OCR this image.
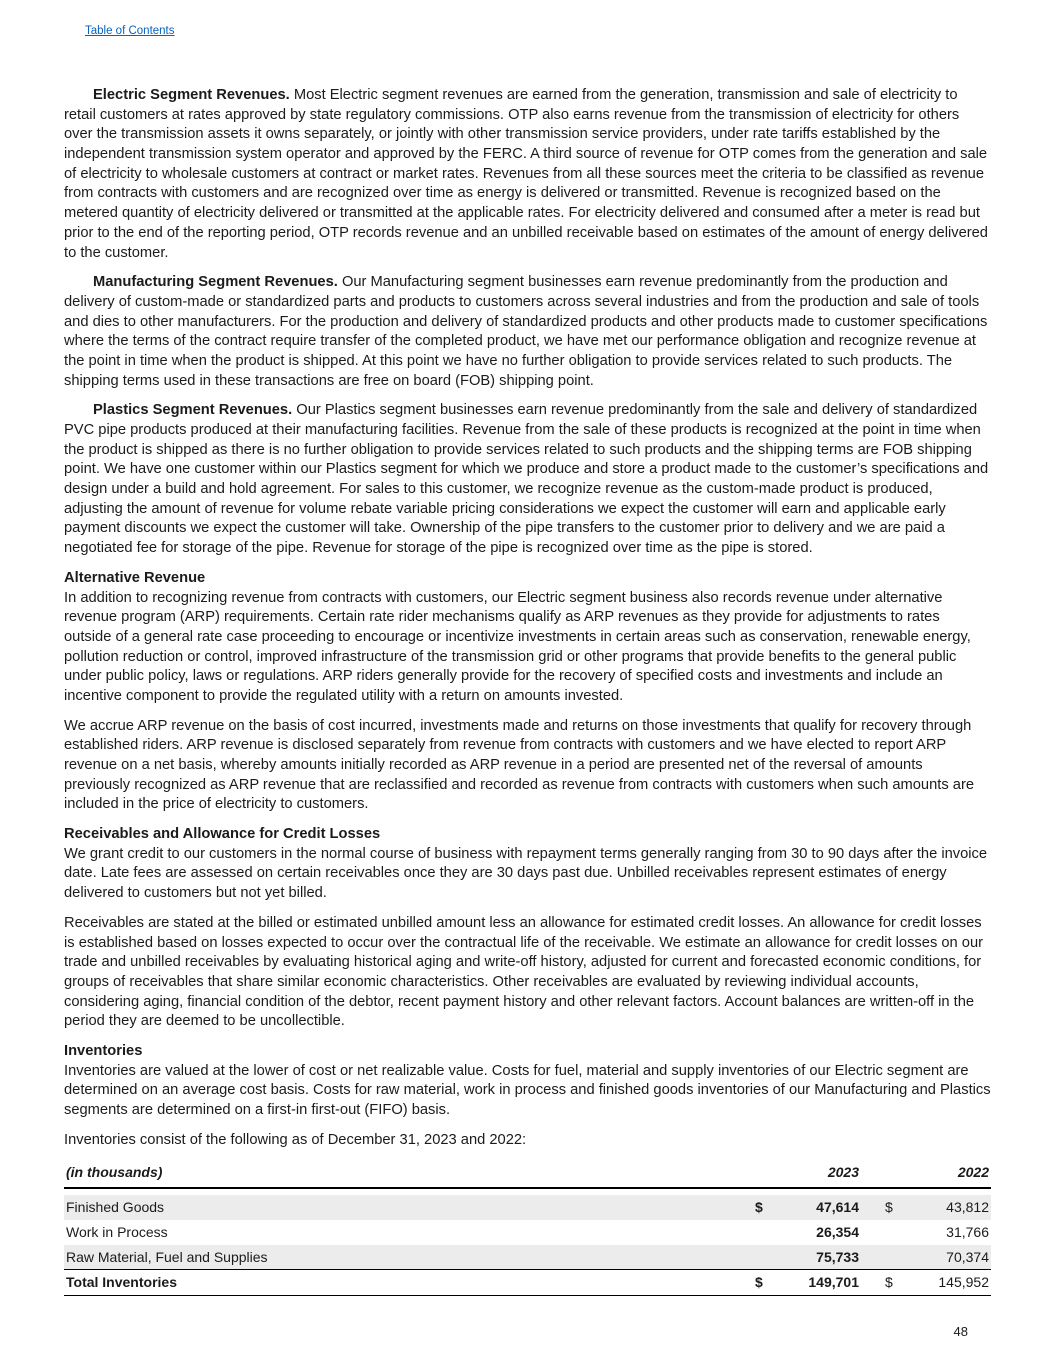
Table of Contents

Electric Segment Revenues. Most Electric segment revenues are earned from the generation, transmission and sale of electricity to retail customers at rates approved by state regulatory commissions. OTP also earns revenue from the transmission of electricity for others over the transmission assets it owns separately, or jointly with other transmission service providers, under rate tariffs established by the independent transmission system operator and approved by the FERC. A third source of revenue for OTP comes from the generation and sale of electricity to wholesale customers at contract or market rates. Revenues from all these sources meet the criteria to be classified as revenue from contracts with customers and are recognized over time as energy is delivered or transmitted. Revenue is recognized based on the metered quantity of electricity delivered or transmitted at the applicable rates. For electricity delivered and consumed after a meter is read but prior to the end of the reporting period, OTP records revenue and an unbilled receivable based on estimates of the amount of energy delivered to the customer.

Manufacturing Segment Revenues. Our Manufacturing segment businesses earn revenue predominantly from the production and delivery of custom-made or standardized parts and products to customers across several industries and from the production and sale of tools and dies to other manufacturers. For the production and delivery of standardized products and other products made to customer specifications where the terms of the contract require transfer of the completed product, we have met our performance obligation and recognize revenue at the point in time when the product is shipped. At this point we have no further obligation to provide services related to such products. The shipping terms used in these transactions are free on board (FOB) shipping point.

Plastics Segment Revenues. Our Plastics segment businesses earn revenue predominantly from the sale and delivery of standardized PVC pipe products produced at their manufacturing facilities. Revenue from the sale of these products is recognized at the point in time when the product is shipped as there is no further obligation to provide services related to such products and the shipping terms are FOB shipping point. We have one customer within our Plastics segment for which we produce and store a product made to the customer’s specifications and design under a build and hold agreement. For sales to this customer, we recognize revenue as the custom-made product is produced, adjusting the amount of revenue for volume rebate variable pricing considerations we expect the customer will earn and applicable early payment discounts we expect the customer will take. Ownership of the pipe transfers to the customer prior to delivery and we are paid a negotiated fee for storage of the pipe. Revenue for storage of the pipe is recognized over time as the pipe is stored.

Alternative Revenue

In addition to recognizing revenue from contracts with customers, our Electric segment business also records revenue under alternative revenue program (ARP) requirements. Certain rate rider mechanisms qualify as ARP revenues as they provide for adjustments to rates outside of a general rate case proceeding to encourage or incentivize investments in certain areas such as conservation, renewable energy, pollution reduction or control, improved infrastructure of the transmission grid or other programs that provide benefits to the general public under public policy, laws or regulations. ARP riders generally provide for the recovery of specified costs and investments and include an incentive component to provide the regulated utility with a return on amounts invested.

We accrue ARP revenue on the basis of cost incurred, investments made and returns on those investments that qualify for recovery through established riders. ARP revenue is disclosed separately from revenue from contracts with customers and we have elected to report ARP revenue on a net basis, whereby amounts initially recorded as ARP revenue in a period are presented net of the reversal of amounts previously recognized as ARP revenue that are reclassified and recorded as revenue from contracts with customers when such amounts are included in the price of electricity to customers.

Receivables and Allowance for Credit Losses

We grant credit to our customers in the normal course of business with repayment terms generally ranging from 30 to 90 days after the invoice date. Late fees are assessed on certain receivables once they are 30 days past due. Unbilled receivables represent estimates of energy delivered to customers but not yet billed.

Receivables are stated at the billed or estimated unbilled amount less an allowance for estimated credit losses. An allowance for credit losses is established based on losses expected to occur over the contractual life of the receivable. We estimate an allowance for credit losses on our trade and unbilled receivables by evaluating historical aging and write-off history, adjusted for current and forecasted economic conditions, for groups of receivables that share similar economic characteristics. Other receivables are evaluated by reviewing individual accounts, considering aging, financial condition of the debtor, recent payment history and other relevant factors. Account balances are written-off in the period they are deemed to be uncollectible.

Inventories

Inventories are valued at the lower of cost or net realizable value. Costs for fuel, material and supply inventories of our Electric segment are determined on an average cost basis. Costs for raw material, work in process and finished goods inventories of our Manufacturing and Plastics segments are determined on a first-in first-out (FIFO) basis.

Inventories consist of the following as of December 31, 2023 and 2022:

(in thousands)	2023			2022	

Finished Goods	$	47,614		$	43,812
Work in Process		26,354			31,766
Raw Material, Fuel and Supplies		75,733			70,374
Total Inventories	$	149,701		$	145,952
48
